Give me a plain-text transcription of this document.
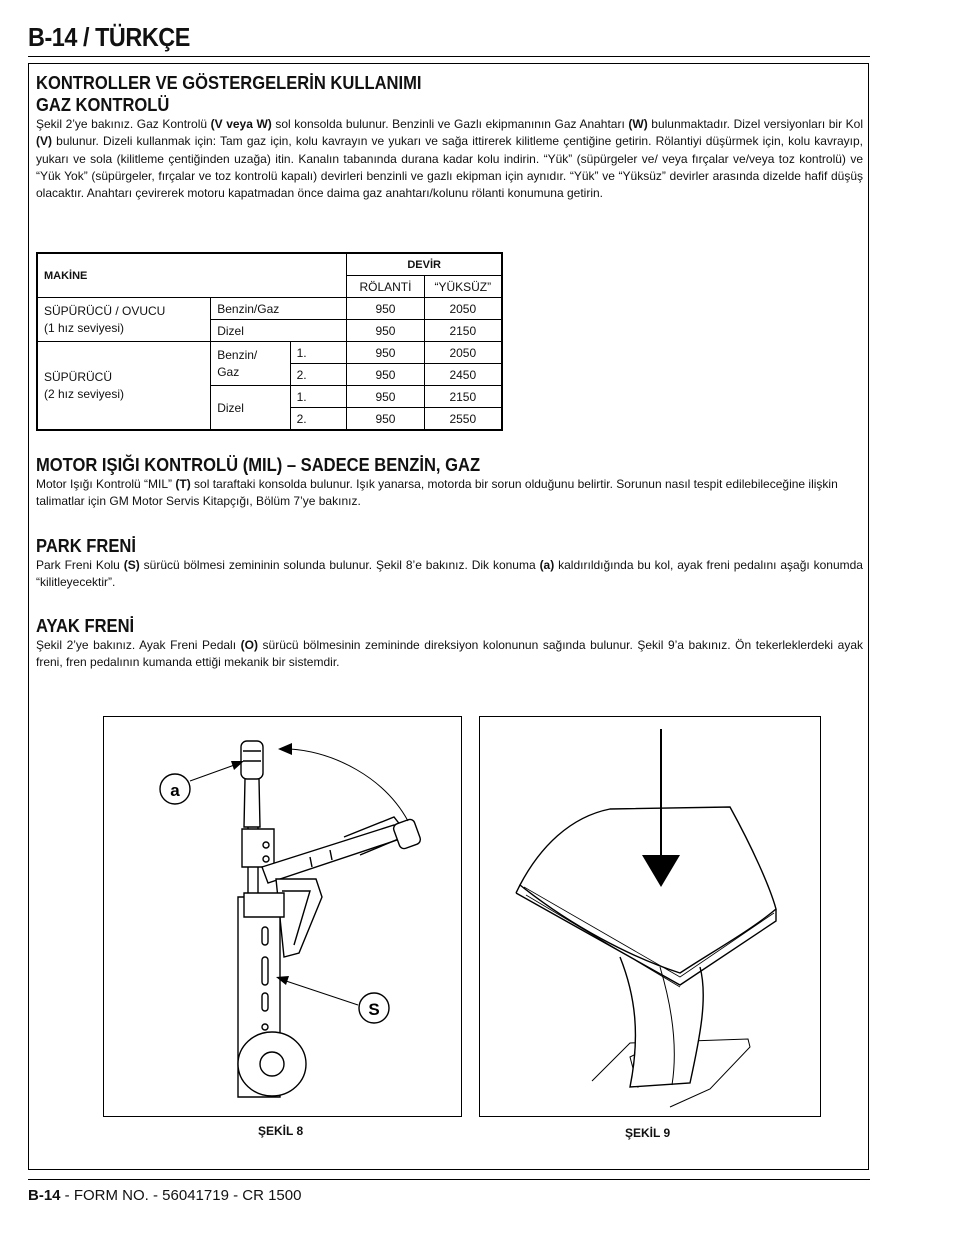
B-14 / TÜRKÇE
KONTROLLER VE GÖSTERGELERİN KULLANIMI
GAZ KONTROLÜ

Şekil 2’ye bakınız. Gaz Kontrolü (V veya W) sol konsolda bulunur. Benzinli ve Gazlı ekipmanının Gaz Anahtarı (W) bulunmaktadır. Dizel versiyonları bir Kol (V) bulunur. Dizeli kullanmak için: Tam gaz için, kolu kavrayın ve yukarı ve sağa ittirerek kilitleme çentiğine getirin. Rölantiyi düşürmek için, kolu kavrayıp, yukarı ve sola (kilitleme çentiğinden uzağa) itin. Kanalın tabanında durana kadar kolu indirin. “Yük” (süpürgeler ve/ veya fırçalar ve/veya toz kontrolü) ve “Yük Yok” (süpürgeler, fırçalar ve toz kontrolü kapalı) devirleri benzinli ve gazlı ekipman için aynıdır. “Yük” ve “Yüksüz” devirler arasında dizelde hafif düşüş olacaktır. Anahtarı çevirerek motoru kapatmadan önce daima gaz anahtarı/kolunu rölanti konumuna getirin.

MAKİNE			DEVİR	
			RÖLANTİ	“YÜKSÜZ”
SÜPÜRÜCÜ / OVUCU
(1 hız seviyesi)	Benzin/Gaz		950	2050
	Dizel		950	2150
SÜPÜRÜCÜ
(2 hız seviyesi)	Benzin/
Gaz	1.	950	2050
		2.	950	2450
	Dizel	1.	950	2150
		2.	950	2550
MOTOR IŞIĞI KONTROLÜ (MIL) – SADECE BENZİN, GAZ

Motor Işığı Kontrolü “MIL” (T) sol taraftaki konsolda bulunur. Işık yanarsa, motorda bir sorun olduğunu belirtir. Sorunun nasıl tespit edilebileceğine ilişkin talimatlar için GM Motor Servis Kitapçığı, Bölüm 7’ye bakınız.

PARK FRENİ

Park Freni Kolu (S) sürücü bölmesi zemininin solunda bulunur. Şekil 8’e bakınız. Dik konuma (a) kaldırıldığında bu kol, ayak freni pedalını aşağı konumda “kilitleyecektir”.

AYAK FRENİ

Şekil 2’ye bakınız. Ayak Freni Pedalı (O) sürücü bölmesinin zemininde direksiyon kolonunun sağında bulunur. Şekil 9’a bakınız. Ön tekerleklerdeki ayak freni, fren pedalının kumanda ettiği mekanik bir sistemdir.

a
S
ŞEKİL 8	ŞEKİL 9
B-14 - FORM NO. - 56041719 - CR 1500
